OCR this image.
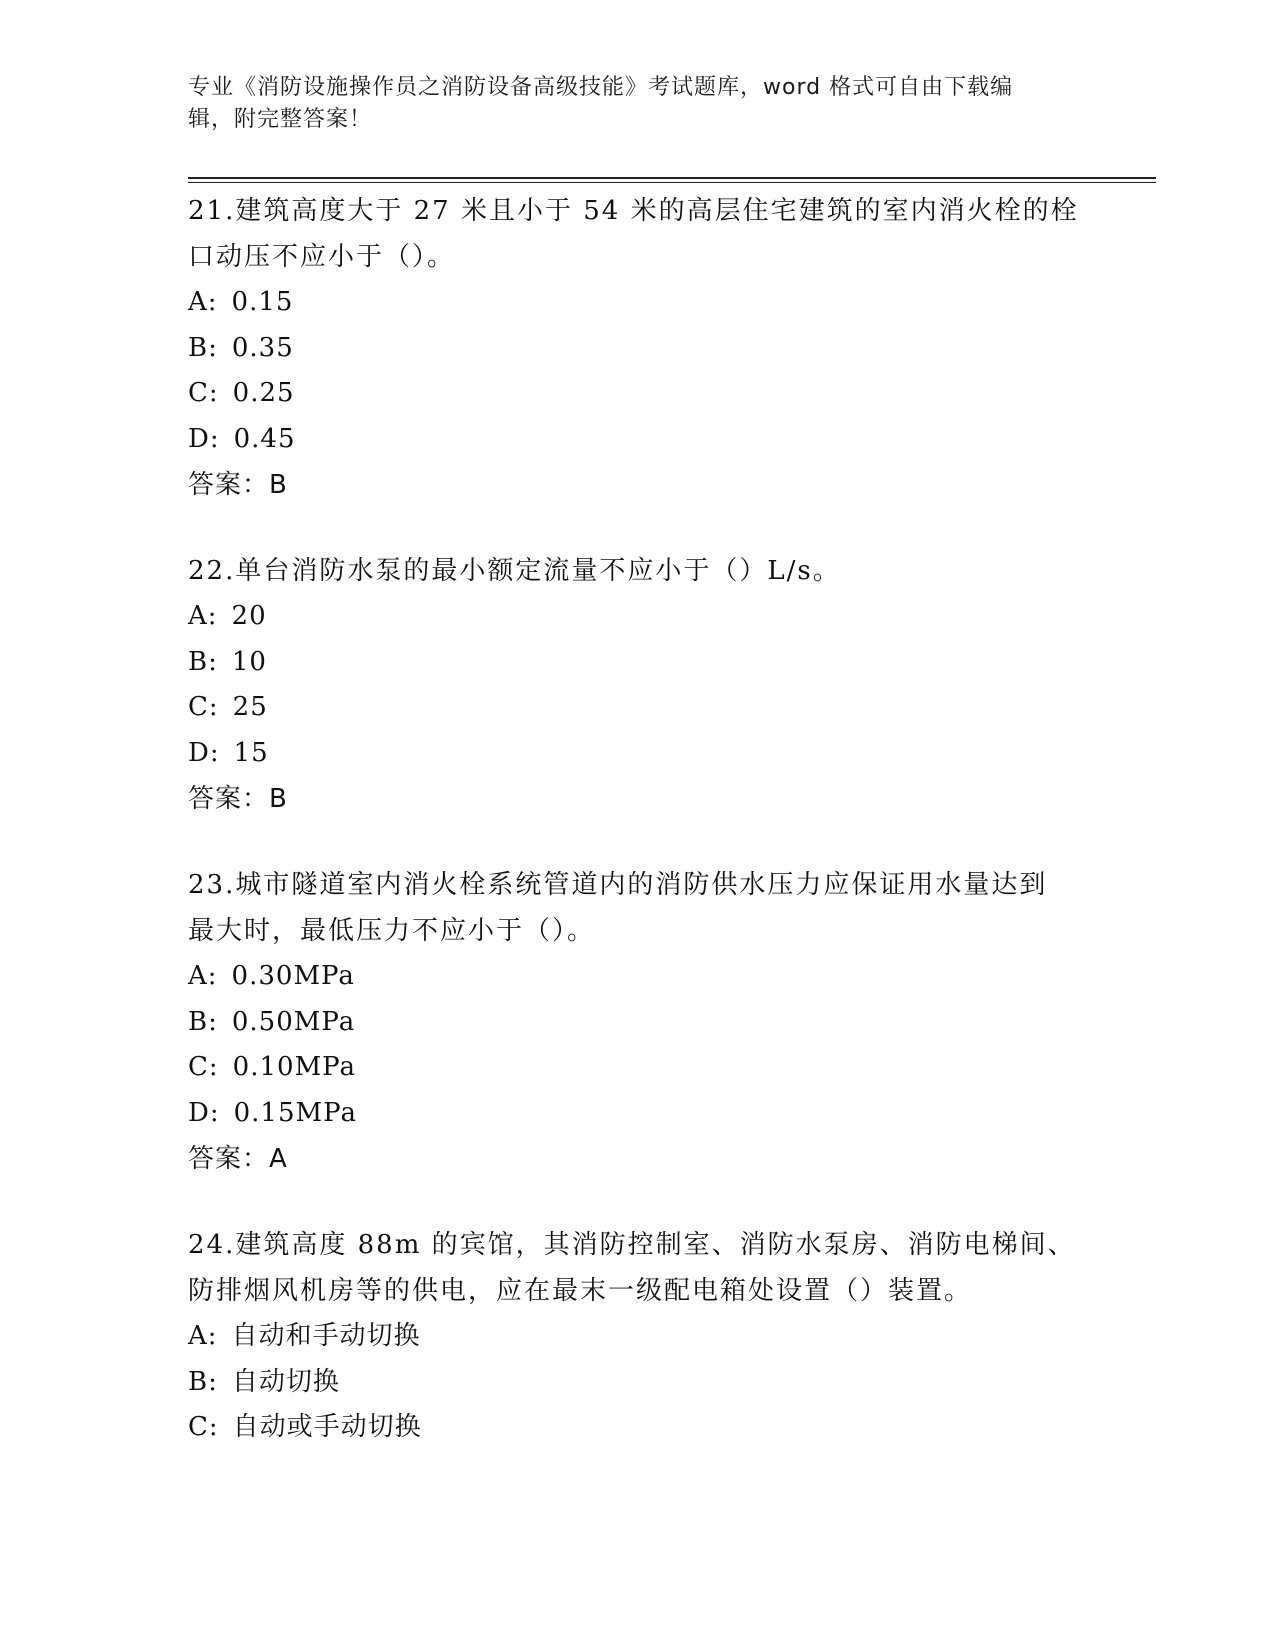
专业《消防设施操作员之消防设备高级技能》考试题库，word 格式可自由下载编
辑，附完整答案！

21.建筑高度大于 27 米且小于 54 米的高层住宅建筑的室内消火栓的栓
口动压不应小于（）。

A: 0.15

B: 0.35

C: 0.25

D: 0.45

答案：B

22.单台消防水泵的最小额定流量不应小于（）L/s。

A: 20

B: 10

C: 25

D: 15

答案：B

23.城市隧道室内消火栓系统管道内的消防供水压力应保证用水量达到
最大时，最低压力不应小于（）。

A: 0.30MPa

B: 0.50MPa

C: 0.10MPa

D: 0.15MPa

答案：A

24.建筑高度 88m 的宾馆，其消防控制室、消防水泵房、消防电梯间、
防排烟风机房等的供电，应在最末一级配电箱处设置（）装置。

A: 自动和手动切换

B: 自动切换

C: 自动或手动切换
